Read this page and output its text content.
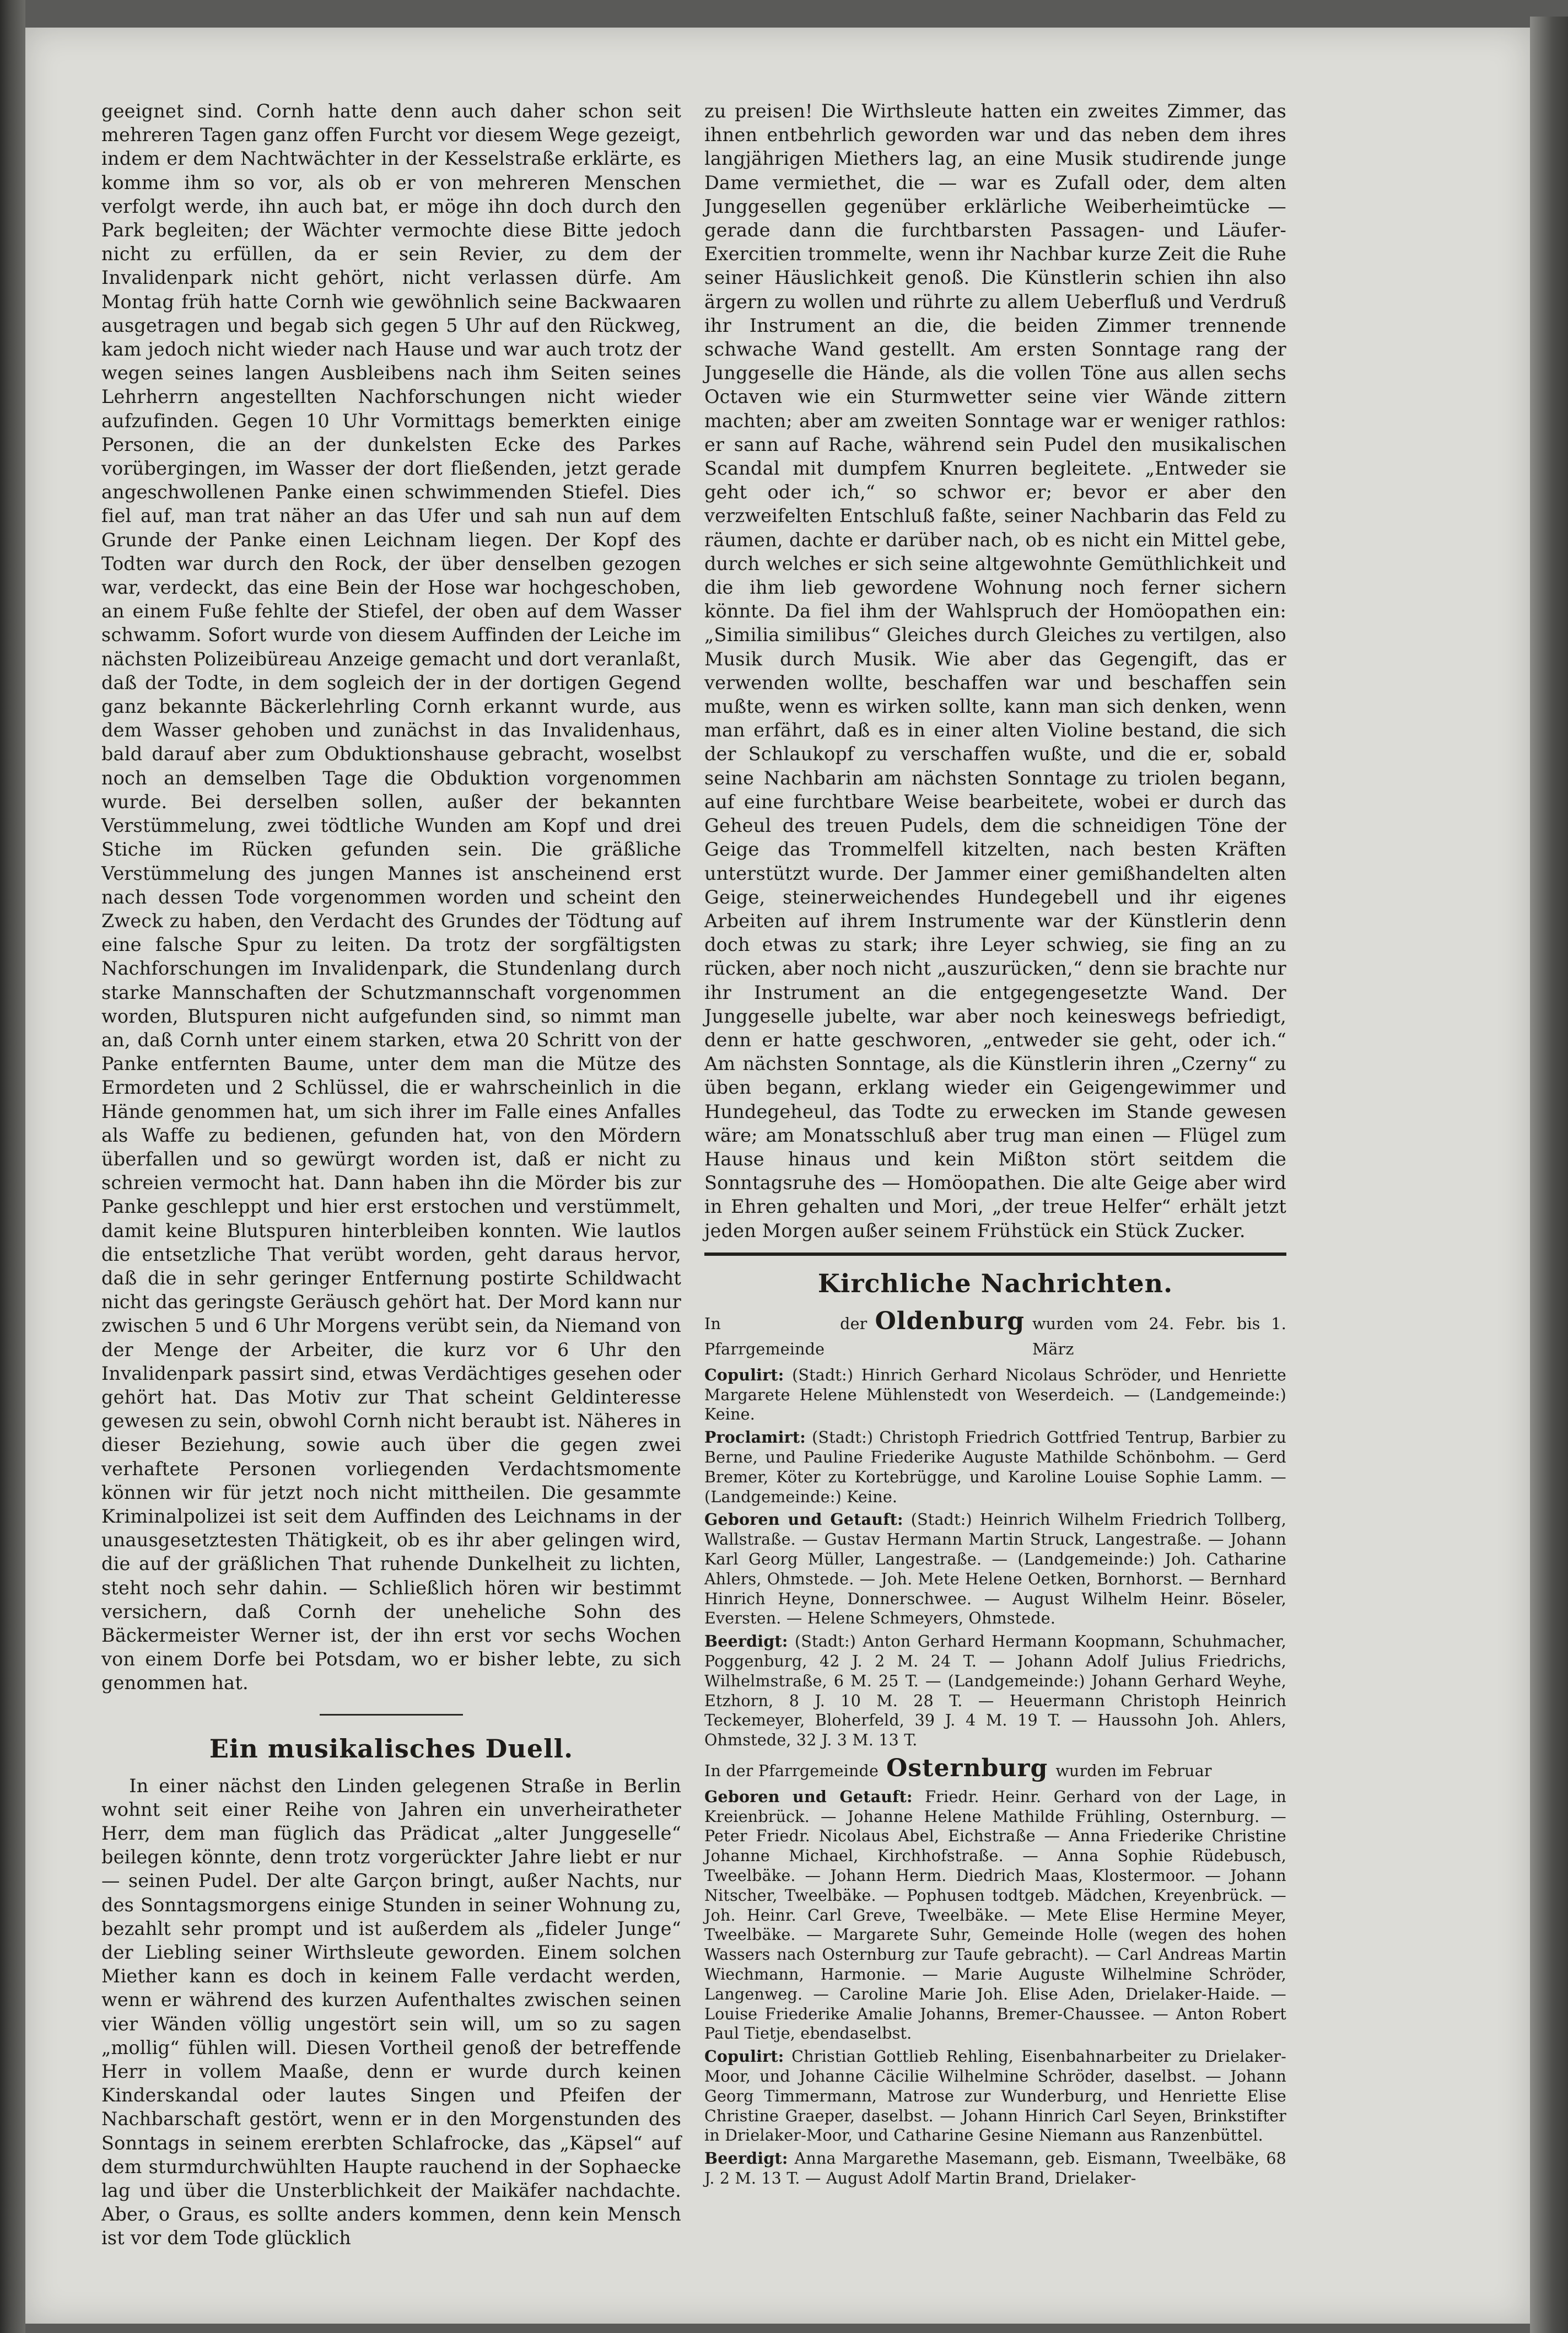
geeignet sind. Cornh hatte denn auch daher schon seit mehreren Tagen ganz offen Furcht vor diesem Wege gezeigt, indem er dem Nachtwächter in der Kesselstraße erklärte, es komme ihm so vor, als ob er von mehreren Menschen verfolgt werde, ihn auch bat, er möge ihn doch durch den Park begleiten; der Wächter vermochte diese Bitte jedoch nicht zu erfüllen, da er sein Revier, zu dem der Invalidenpark nicht gehört, nicht verlassen dürfe. Am Montag früh hatte Cornh wie gewöhnlich seine Backwaaren ausgetragen und begab sich gegen 5 Uhr auf den Rückweg, kam jedoch nicht wieder nach Hause und war auch trotz der wegen seines langen Ausbleibens nach ihm Seiten seines Lehrherrn angestellten Nachforschungen nicht wieder aufzufinden. Gegen 10 Uhr Vormittags bemerkten einige Personen, die an der dunkelsten Ecke des Parkes vorübergingen, im Wasser der dort fließenden, jetzt gerade angeschwollenen Panke einen schwimmenden Stiefel. Dies fiel auf, man trat näher an das Ufer und sah nun auf dem Grunde der Panke einen Leichnam liegen. Der Kopf des Todten war durch den Rock, der über denselben gezogen war, verdeckt, das eine Bein der Hose war hochgeschoben, an einem Fuße fehlte der Stiefel, der oben auf dem Wasser schwamm. Sofort wurde von diesem Auffinden der Leiche im nächsten Polizeibüreau Anzeige gemacht und dort veranlaßt, daß der Todte, in dem sogleich der in der dortigen Gegend ganz bekannte Bäckerlehrling Cornh erkannt wurde, aus dem Wasser gehoben und zunächst in das Invalidenhaus, bald darauf aber zum Obduktionshause gebracht, woselbst noch an demselben Tage die Obduktion vorgenommen wurde. Bei derselben sollen, außer der bekannten Verstümmelung, zwei tödtliche Wunden am Kopf und drei Stiche im Rücken gefunden sein. Die gräßliche Verstümmelung des jungen Mannes ist anscheinend erst nach dessen Tode vorgenommen worden und scheint den Zweck zu haben, den Verdacht des Grundes der Tödtung auf eine falsche Spur zu leiten. Da trotz der sorgfältigsten Nachforschungen im Invalidenpark, die Stundenlang durch starke Mannschaften der Schutzmannschaft vorgenommen worden, Blutspuren nicht aufgefunden sind, so nimmt man an, daß Cornh unter einem starken, etwa 20 Schritt von der Panke entfernten Baume, unter dem man die Mütze des Ermordeten und 2 Schlüssel, die er wahrscheinlich in die Hände genommen hat, um sich ihrer im Falle eines Anfalles als Waffe zu bedienen, gefunden hat, von den Mördern überfallen und so gewürgt worden ist, daß er nicht zu schreien vermocht hat. Dann haben ihn die Mörder bis zur Panke geschleppt und hier erst erstochen und verstümmelt, damit keine Blutspuren hinterbleiben konnten. Wie lautlos die entsetzliche That verübt worden, geht daraus hervor, daß die in sehr geringer Entfernung postirte Schildwacht nicht das geringste Geräusch gehört hat. Der Mord kann nur zwischen 5 und 6 Uhr Morgens verübt sein, da Niemand von der Menge der Arbeiter, die kurz vor 6 Uhr den Invalidenpark passirt sind, etwas Verdächtiges gesehen oder gehört hat. Das Motiv zur That scheint Geldinteresse gewesen zu sein, obwohl Cornh nicht beraubt ist. Näheres in dieser Beziehung, sowie auch über die gegen zwei verhaftete Personen vorliegenden Verdachtsmomente können wir für jetzt noch nicht mittheilen. Die gesammte Kriminalpolizei ist seit dem Auffinden des Leichnams in der unausgesetztesten Thätigkeit, ob es ihr aber gelingen wird, die auf der gräßlichen That ruhende Dunkelheit zu lichten, steht noch sehr dahin. — Schließlich hören wir bestimmt versichern, daß Cornh der uneheliche Sohn des Bäckermeister Werner ist, der ihn erst vor sechs Wochen von einem Dorfe bei Potsdam, wo er bisher lebte, zu sich genommen hat.

Ein musikalisches Duell.

In einer nächst den Linden gelegenen Straße in Berlin wohnt seit einer Reihe von Jahren ein unverheiratheter Herr, dem man füglich das Prädicat „alter Junggeselle“ beilegen könnte, denn trotz vorgerückter Jahre liebt er nur — seinen Pudel. Der alte Garçon bringt, außer Nachts, nur des Sonntagsmorgens einige Stunden in seiner Wohnung zu, bezahlt sehr prompt und ist außerdem als „fideler Junge“ der Liebling seiner Wirthsleute geworden. Einem solchen Miether kann es doch in keinem Falle verdacht werden, wenn er während des kurzen Aufenthaltes zwischen seinen vier Wänden völlig ungestört sein will, um so zu sagen „mollig“ fühlen will. Diesen Vortheil genoß der betreffende Herr in vollem Maaße, denn er wurde durch keinen Kinderskandal oder lautes Singen und Pfeifen der Nachbarschaft gestört, wenn er in den Morgenstunden des Sonntags in seinem ererbten Schlafrocke, das „Käpsel“ auf dem sturmdurchwühlten Haupte rauchend in der Sophaecke lag und über die Unsterblichkeit der Maikäfer nachdachte. Aber, o Graus, es sollte anders kommen, denn kein Mensch ist vor dem Tode glücklich

zu preisen! Die Wirthsleute hatten ein zweites Zimmer, das ihnen entbehrlich geworden war und das neben dem ihres langjährigen Miethers lag, an eine Musik studirende junge Dame vermiethet, die — war es Zufall oder, dem alten Junggesellen gegenüber erklärliche Weiberheimtücke — gerade dann die furchtbarsten Passagen- und Läufer-Exercitien trommelte, wenn ihr Nachbar kurze Zeit die Ruhe seiner Häuslichkeit genoß. Die Künstlerin schien ihn also ärgern zu wollen und rührte zu allem Ueberfluß und Verdruß ihr Instrument an die, die beiden Zimmer trennende schwache Wand gestellt. Am ersten Sonntage rang der Junggeselle die Hände, als die vollen Töne aus allen sechs Octaven wie ein Sturmwetter seine vier Wände zittern machten; aber am zweiten Sonntage war er weniger rathlos: er sann auf Rache, während sein Pudel den musikalischen Scandal mit dumpfem Knurren begleitete. „Entweder sie geht oder ich,“ so schwor er; bevor er aber den verzweifelten Entschluß faßte, seiner Nachbarin das Feld zu räumen, dachte er darüber nach, ob es nicht ein Mittel gebe, durch welches er sich seine altgewohnte Gemüthlichkeit und die ihm lieb gewordene Wohnung noch ferner sichern könnte. Da fiel ihm der Wahlspruch der Homöopathen ein: „Similia similibus“ Gleiches durch Gleiches zu vertilgen, also Musik durch Musik. Wie aber das Gegengift, das er verwenden wollte, beschaffen war und beschaffen sein mußte, wenn es wirken sollte, kann man sich denken, wenn man erfährt, daß es in einer alten Violine bestand, die sich der Schlaukopf zu verschaffen wußte, und die er, sobald seine Nachbarin am nächsten Sonntage zu triolen begann, auf eine furchtbare Weise bearbeitete, wobei er durch das Geheul des treuen Pudels, dem die schneidigen Töne der Geige das Trommelfell kitzelten, nach besten Kräften unterstützt wurde. Der Jammer einer gemißhandelten alten Geige, steinerweichendes Hundegebell und ihr eigenes Arbeiten auf ihrem Instrumente war der Künstlerin denn doch etwas zu stark; ihre Leyer schwieg, sie fing an zu rücken, aber noch nicht „auszurücken,“ denn sie brachte nur ihr Instrument an die entgegengesetzte Wand. Der Junggeselle jubelte, war aber noch keineswegs befriedigt, denn er hatte geschworen, „entweder sie geht, oder ich.“ Am nächsten Sonntage, als die Künstlerin ihren „Czerny“ zu üben begann, erklang wieder ein Geigengewimmer und Hundegeheul, das Todte zu erwecken im Stande gewesen wäre; am Monatsschluß aber trug man einen — Flügel zum Hause hinaus und kein Mißton stört seitdem die Sonntagsruhe des — Homöopathen. Die alte Geige aber wird in Ehren gehalten und Mori, „der treue Helfer“ erhält jetzt jeden Morgen außer seinem Frühstück ein Stück Zucker.

Kirchliche Nachrichten.
In der Pfarrgemeinde
Oldenburg wurden vom 24. Febr. bis 1. März

Copulirt: (Stadt:) Hinrich Gerhard Nicolaus Schröder, und Henriette Margarete Helene Mühlenstedt von Weserdeich. — (Landgemeinde:) Keine.

Proclamirt: (Stadt:) Christoph Friedrich Gottfried Tentrup, Barbier zu Berne, und Pauline Friederike Auguste Mathilde Schönbohm. — Gerd Bremer, Köter zu Kortebrügge, und Karoline Louise Sophie Lamm. — (Landgemeinde:) Keine.

Geboren und Getauft: (Stadt:) Heinrich Wilhelm Friedrich Tollberg, Wallstraße. — Gustav Hermann Martin Struck, Langestraße. — Johann Karl Georg Müller, Langestraße. — (Landgemeinde:) Joh. Catharine Ahlers, Ohmstede. — Joh. Mete Helene Oetken, Bornhorst. — Bernhard Hinrich Heyne, Donnerschwee. — August Wilhelm Heinr. Böseler, Eversten. — Helene Schmeyers, Ohmstede.

Beerdigt: (Stadt:) Anton Gerhard Hermann Koopmann, Schuhmacher, Poggenburg, 42 J. 2 M. 24 T. — Johann Adolf Julius Friedrichs, Wilhelmstraße, 6 M. 25 T. — (Landgemeinde:) Johann Gerhard Weyhe, Etzhorn, 8 J. 10 M. 28 T. — Heuermann Christoph Heinrich Teckemeyer, Bloherfeld, 39 J. 4 M. 19 T. — Haussohn Joh. Ahlers, Ohmstede, 32 J. 3 M. 13 T.

In der Pfarrgemeinde Osternburg wurden im Februar

Geboren und Getauft: Friedr. Heinr. Gerhard von der Lage, in Kreienbrück. — Johanne Helene Mathilde Frühling, Osternburg. — Peter Friedr. Nicolaus Abel, Eichstraße — Anna Friederike Christine Johanne Michael, Kirchhofstraße. — Anna Sophie Rüdebusch, Tweelbäke. — Johann Herm. Diedrich Maas, Klostermoor. — Johann Nitscher, Tweelbäke. — Pophusen todtgeb. Mädchen, Kreyenbrück. — Joh. Heinr. Carl Greve, Tweelbäke. — Mete Elise Hermine Meyer, Tweelbäke. — Margarete Suhr, Gemeinde Holle (wegen des hohen Wassers nach Osternburg zur Taufe gebracht). — Carl Andreas Martin Wiechmann, Harmonie. — Marie Auguste Wilhelmine Schröder, Langenweg. — Caroline Marie Joh. Elise Aden, Drielaker-Haide. — Louise Friederike Amalie Johanns, Bremer-Chaussee. — Anton Robert Paul Tietje, ebendaselbst.

Copulirt: Christian Gottlieb Rehling, Eisenbahnarbeiter zu Drielaker-Moor, und Johanne Cäcilie Wilhelmine Schröder, daselbst. — Johann Georg Timmermann, Matrose zur Wunderburg, und Henriette Elise Christine Graeper, daselbst. — Johann Hinrich Carl Seyen, Brinkstifter in Drielaker-Moor, und Catharine Gesine Niemann aus Ranzenbüttel.

Beerdigt: Anna Margarethe Masemann, geb. Eismann, Tweelbäke, 68 J. 2 M. 13 T. — August Adolf Martin Brand, Drielaker-
